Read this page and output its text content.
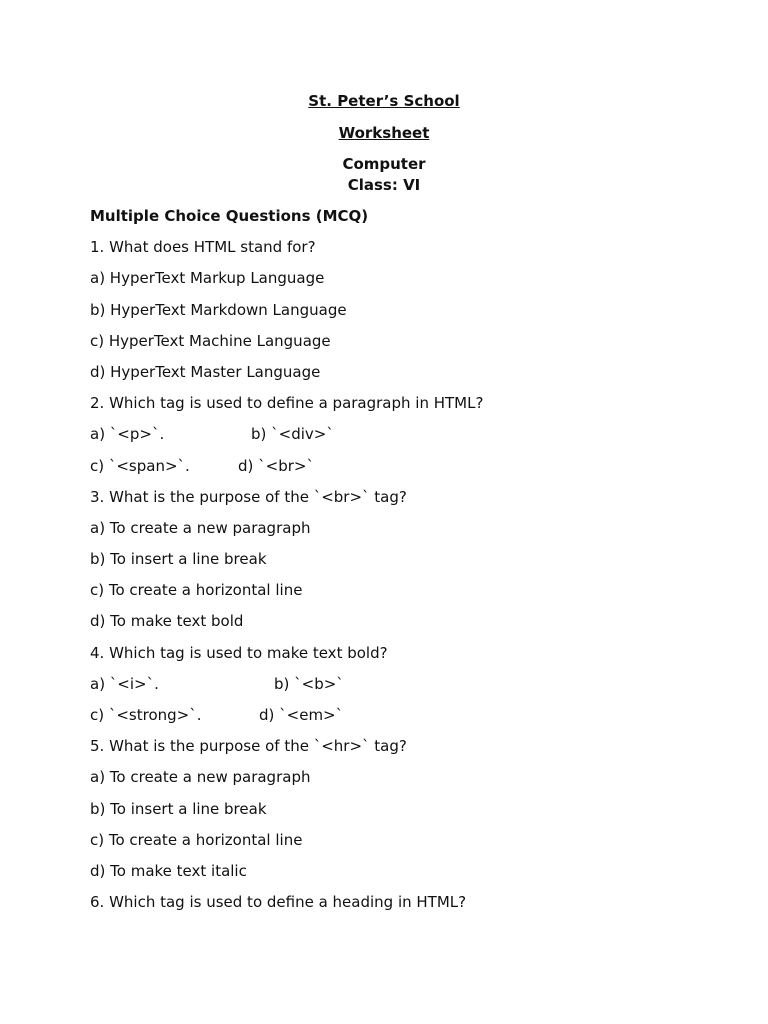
St. Peter’s School
Worksheet
Computer
Class: VI
Multiple Choice Questions (MCQ)
1. What does HTML stand for?
a) HyperText Markup Language
b) HyperText Markdown Language
c) HyperText Machine Language
d) HyperText Master Language
2. Which tag is used to define a paragraph in HTML?
a) `<p>`.	b) `<div>`
c) `<span>`.	d) `<br>`
3. What is the purpose of the `<br>` tag?
a) To create a new paragraph
b) To insert a line break
c) To create a horizontal line
d) To make text bold
4. Which tag is used to make text bold?
a) `<i>`.	b) `<b>`
c) `<strong>`.	d) `<em>`
5. What is the purpose of the `<hr>` tag?
a) To create a new paragraph
b) To insert a line break
c) To create a horizontal line
d) To make text italic
6. Which tag is used to define a heading in HTML?
